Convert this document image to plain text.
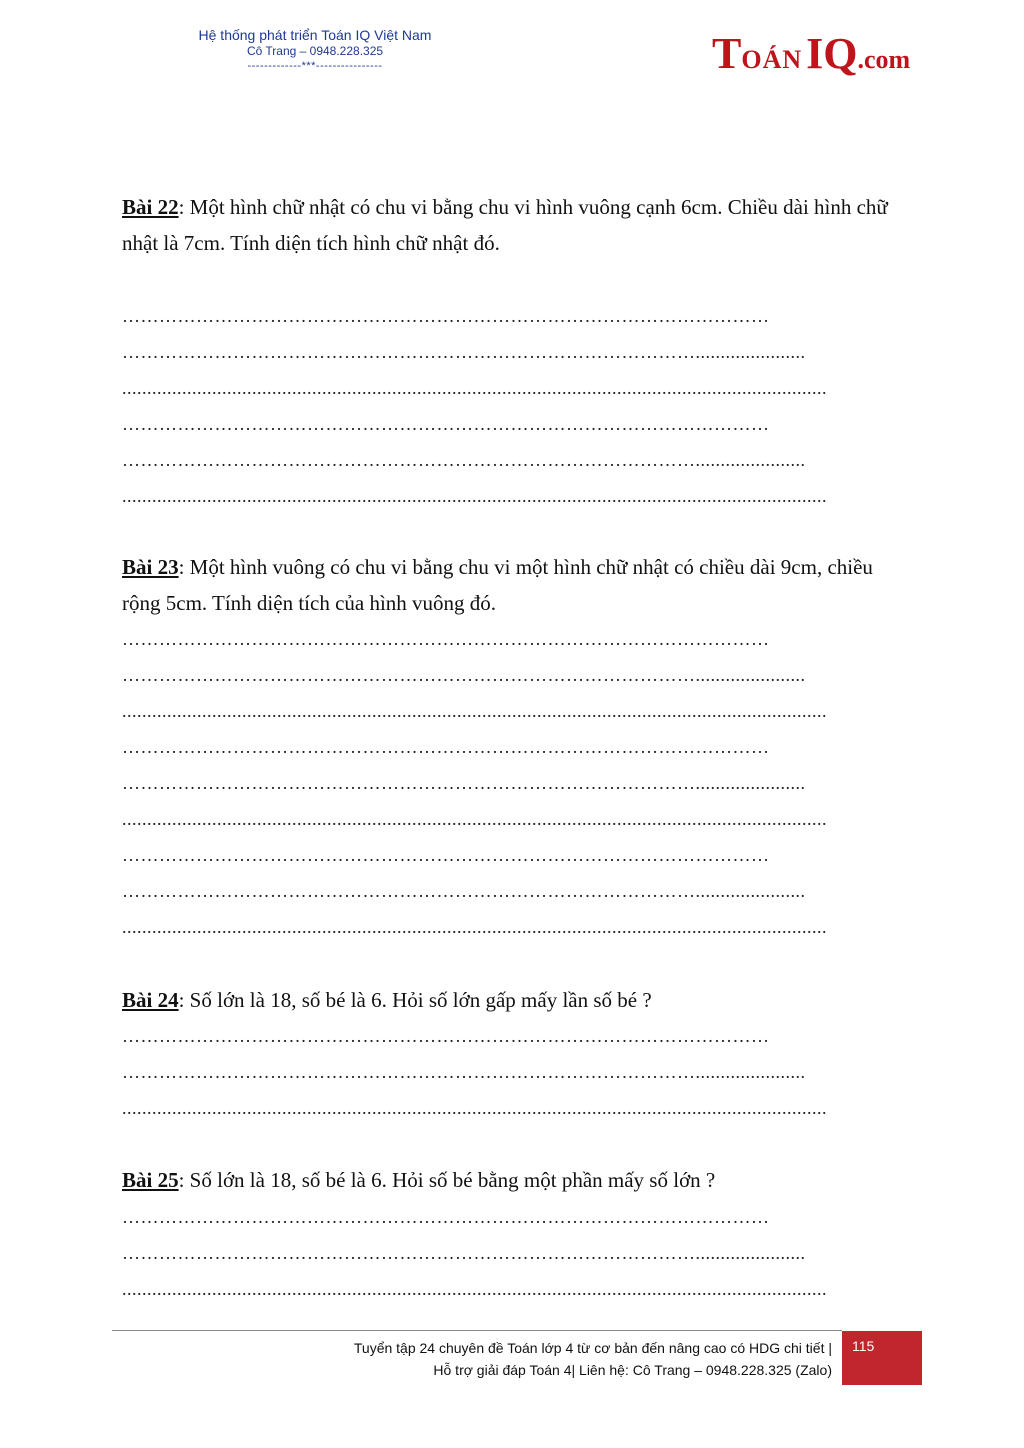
Hệ thống phát triển Toán IQ Việt Nam
Cô Trang – 0948.228.325
-------------***----------------	TOÁNIQ.com
Bài 22: Một hình chữ nhật có chu vi bằng chu vi hình vuông cạnh 6cm. Chiều dài hình chữ nhật là 7cm. Tính diện tích hình chữ nhật đó.
……………………………………………………………………………………………
…………………………………………………………………………………......................
.............................................................................................................................................
……………………………………………………………………………………………
…………………………………………………………………………………......................
.............................................................................................................................................
Bài 23: Một hình vuông có chu vi bằng chu vi một hình chữ nhật có chiều dài 9cm, chiều rộng 5cm. Tính diện tích của hình vuông đó.
……………………………………………………………………………………………
…………………………………………………………………………………......................
.............................................................................................................................................
……………………………………………………………………………………………
…………………………………………………………………………………......................
.............................................................................................................................................
……………………………………………………………………………………………
…………………………………………………………………………………......................
.............................................................................................................................................
Bài 24: Số lớn là 18, số bé là 6. Hỏi số lớn gấp mấy lần số bé ?
……………………………………………………………………………………………
…………………………………………………………………………………......................
.............................................................................................................................................
Bài 25: Số lớn là 18, số bé là 6. Hỏi số bé bằng một phần mấy số lớn ?
……………………………………………………………………………………………
…………………………………………………………………………………......................
.............................................................................................................................................
Tuyển tập 24 chuyên đề Toán lớp 4 từ cơ bản đến nâng cao có HDG chi tiết |
Hỗ trợ giải đáp Toán 4| Liên hệ: Cô Trang – 0948.228.325 (Zalo)
115
